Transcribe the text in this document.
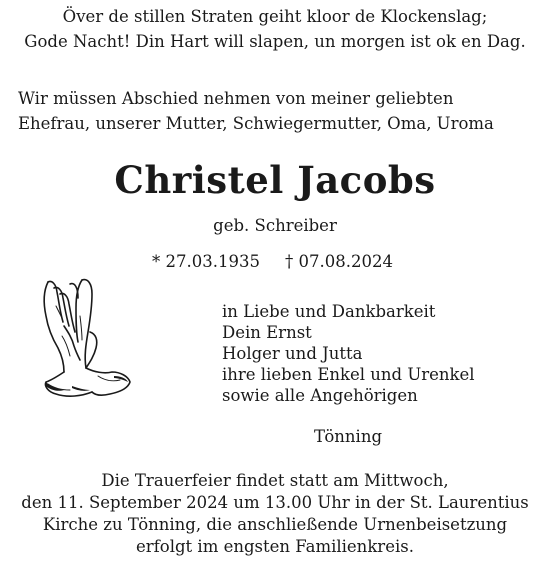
Över de stillen Straten geiht kloor de Klockenslag;
Gode Nacht! Din Hart will slapen, un morgen ist ok en Dag.
Wir müssen Abschied nehmen von meiner geliebten
Ehefrau, unserer Mutter, Schwiegermutter, Oma, Uroma
Christel Jacobs
geb. Schreiber
* 27.03.1935 † 07.08.2024
in Liebe und Dankbarkeit
Dein Ernst
Holger und Jutta
ihre lieben Enkel und Urenkel
sowie alle Angehörigen
Tönning
Die Trauerfeier findet statt am Mittwoch,
den 11. September 2024 um 13.00 Uhr in der St. Laurentius
Kirche zu Tönning, die anschließende Urnenbeisetzung
erfolgt im engsten Familienkreis.
